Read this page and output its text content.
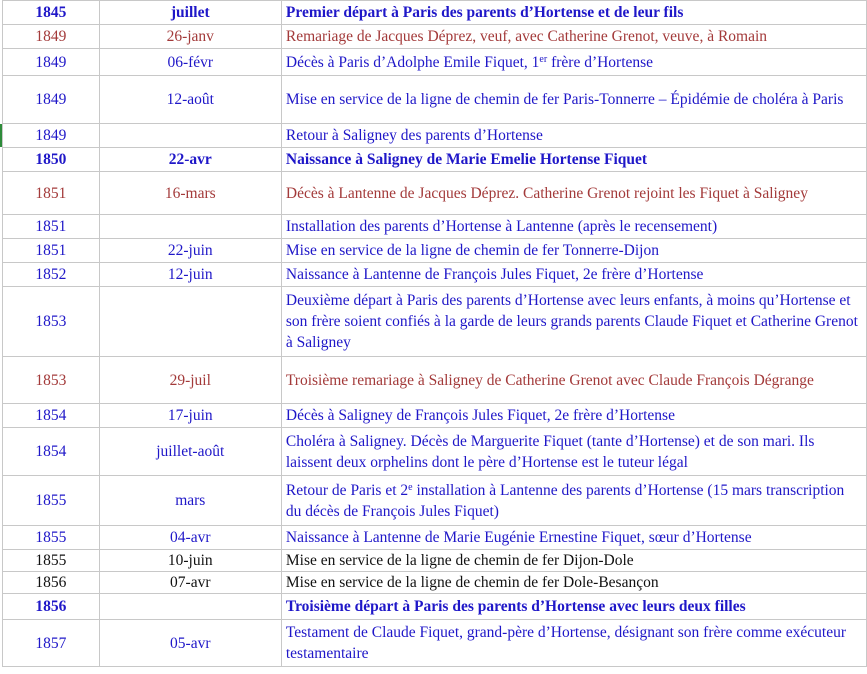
1845	juillet	Premier départ à Paris des parents d’Hortense et de leur fils
1849	26-janv	Remariage de Jacques Déprez, veuf, avec Catherine Grenot, veuve, à Romain
1849	06-févr	Décès à Paris d’Adolphe Emile Fiquet, 1er frère d’Hortense
1849	12-août	Mise en service de la ligne de chemin de fer Paris-Tonnerre – Épidémie de choléra à Paris
1849		Retour à Saligney des parents d’Hortense
1850	22-avr	Naissance à Saligney de Marie Emelie Hortense Fiquet
1851	16-mars	Décès à Lantenne de Jacques Déprez. Catherine Grenot rejoint les Fiquet à Saligney
1851		Installation des parents d’Hortense à Lantenne (après le recensement)
1851	22-juin	Mise en service de la ligne de chemin de fer Tonnerre-Dijon
1852	12-juin	Naissance à Lantenne de François Jules Fiquet, 2e frère d’Hortense
1853		Deuxième départ à Paris des parents d’Hortense avec leurs enfants, à moins qu’Hortense et son frère soient confiés à la garde de leurs grands parents Claude Fiquet et Catherine Grenot à Saligney
1853	29-juil	Troisième remariage à Saligney de Catherine Grenot avec Claude François Dégrange
1854	17-juin	Décès à Saligney de François Jules Fiquet, 2e frère d’Hortense
1854	juillet-août	Choléra à Saligney. Décès de Marguerite Fiquet (tante d’Hortense) et de son mari. Ils laissent deux orphelins dont le père d’Hortense est le tuteur légal
1855	mars	Retour de Paris et 2e installation à Lantenne des parents d’Hortense (15 mars transcription du décès de François Jules Fiquet)
1855	04-avr	Naissance à Lantenne de Marie Eugénie Ernestine Fiquet, sœur d’Hortense
1855	10-juin	Mise en service de la ligne de chemin de fer Dijon-Dole
1856	07-avr	Mise en service de la ligne de chemin de fer Dole-Besançon
1856		Troisième départ à Paris des parents d’Hortense avec leurs deux filles
1857	05-avr	Testament de Claude Fiquet, grand-père d’Hortense, désignant son frère comme exécuteur testamentaire
